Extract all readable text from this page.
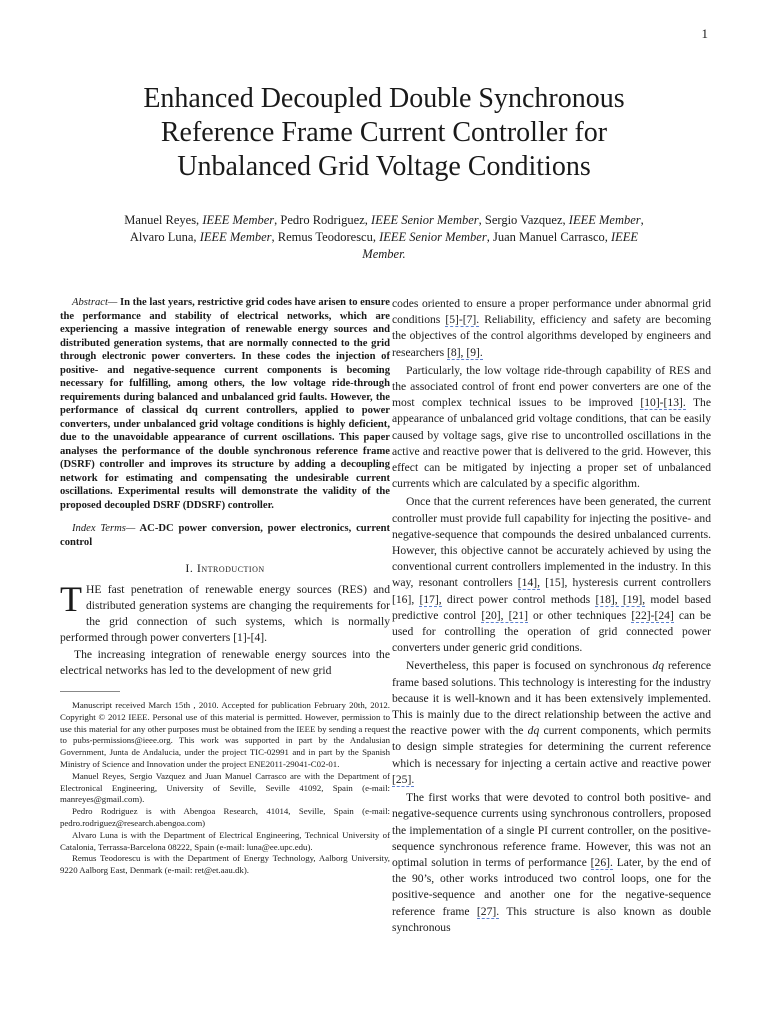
1
Enhanced Decoupled Double Synchronous
Reference Frame Current Controller for
Unbalanced Grid Voltage Conditions
Manuel Reyes, IEEE Member, Pedro Rodriguez, IEEE Senior Member, Sergio Vazquez, IEEE Member, Alvaro Luna, IEEE Member, Remus Teodorescu, IEEE Senior Member, Juan Manuel Carrasco, IEEE Member.

Abstract— In the last years, restrictive grid codes have arisen to ensure the performance and stability of electrical networks, which are experiencing a massive integration of renewable energy sources and distributed generation systems, that are normally connected to the grid through electronic power converters. In these codes the injection of positive- and negative-sequence current components is becoming necessary for fulfilling, among others, the low voltage ride-through requirements during balanced and unbalanced grid faults. However, the performance of classical dq current controllers, applied to power converters, under unbalanced grid voltage conditions is highly deficient, due to the unavoidable appearance of current oscillations. This paper analyses the performance of the double synchronous reference frame (DSRF) controller and improves its structure by adding a decoupling network for estimating and compensating the undesirable current oscillations. Experimental results will demonstrate the validity of the proposed decoupled DSRF (DDSRF) controller.

Index Terms— AC-DC power conversion, power electronics, current control

I. Introduction

THE fast penetration of renewable energy sources (RES) and distributed generation systems are changing the requirements for the grid connection of such systems, which is normally performed through power converters [1]-[4].

The increasing integration of renewable energy sources into the electrical networks has led to the development of new grid

Manuscript received March 15th , 2010. Accepted for publication February 20th, 2012. Copyright © 2012 IEEE. Personal use of this material is permitted. However, permission to use this material for any other purposes must be obtained from the IEEE by sending a request to pubs-permissions@ieee.org. This work was supported in part by the Andalusian Government, Junta de Andalucia, under the project TIC-02991 and in part by the Spanish Ministry of Science and Innovation under the project ENE2011-29041-C02-01.

Manuel Reyes, Sergio Vazquez and Juan Manuel Carrasco are with the Department of Electronical Engineering, University of Seville, Seville 41092, Spain (e-mail: manreyes@gmail.com).

Pedro Rodriguez is with Abengoa Research, 41014, Seville, Spain (e-mail: pedro.rodriguez@research.abengoa.com)

Alvaro Luna is with the Department of Electrical Engineering, Technical University of Catalonia, Terrassa-Barcelona 08222, Spain (e-mail: luna@ee.upc.edu).

Remus Teodorescu is with the Department of Energy Technology, Aalborg University, 9220 Aalborg East, Denmark (e-mail: ret@et.aau.dk).

codes oriented to ensure a proper performance under abnormal grid conditions [5]-[7]. Reliability, efficiency and safety are becoming the objectives of the control algorithms developed by engineers and researchers [8], [9].

Particularly, the low voltage ride-through capability of RES and the associated control of front end power converters are one of the most complex technical issues to be improved [10]-[13]. The appearance of unbalanced grid voltage conditions, that can be easily caused by voltage sags, give rise to uncontrolled oscillations in the active and reactive power that is delivered to the grid. However, this effect can be mitigated by injecting a proper set of unbalanced currents which are calculated by a specific algorithm.

Once that the current references have been generated, the current controller must provide full capability for injecting the positive- and negative-sequence that compounds the desired unbalanced currents. However, this objective cannot be accurately achieved by using the conventional current controllers implemented in the industry. In this way, resonant controllers [14], [15], hysteresis current controllers [16], [17], direct power control methods [18], [19], model based predictive control [20], [21] or other techniques [22]-[24] can be used for controlling the operation of grid connected power converters under generic grid conditions.

Nevertheless, this paper is focused on synchronous dq reference frame based solutions. This technology is interesting for the industry because it is well-known and it has been extensively implemented. This is mainly due to the direct relationship between the active and the reactive power with the dq current components, which permits to design simple strategies for determining the current reference which is necessary for injecting a certain active and reactive power [25].

The first works that were devoted to control both positive- and negative-sequence currents using synchronous controllers, proposed the implementation of a single PI current controller, on the positive-sequence synchronous reference frame. However, this was not an optimal solution in terms of performance [26]. Later, by the end of the 90’s, other works introduced two control loops, one for the positive-sequence and another one for the negative-sequence reference frame [27]. This structure is also known as double synchronous
